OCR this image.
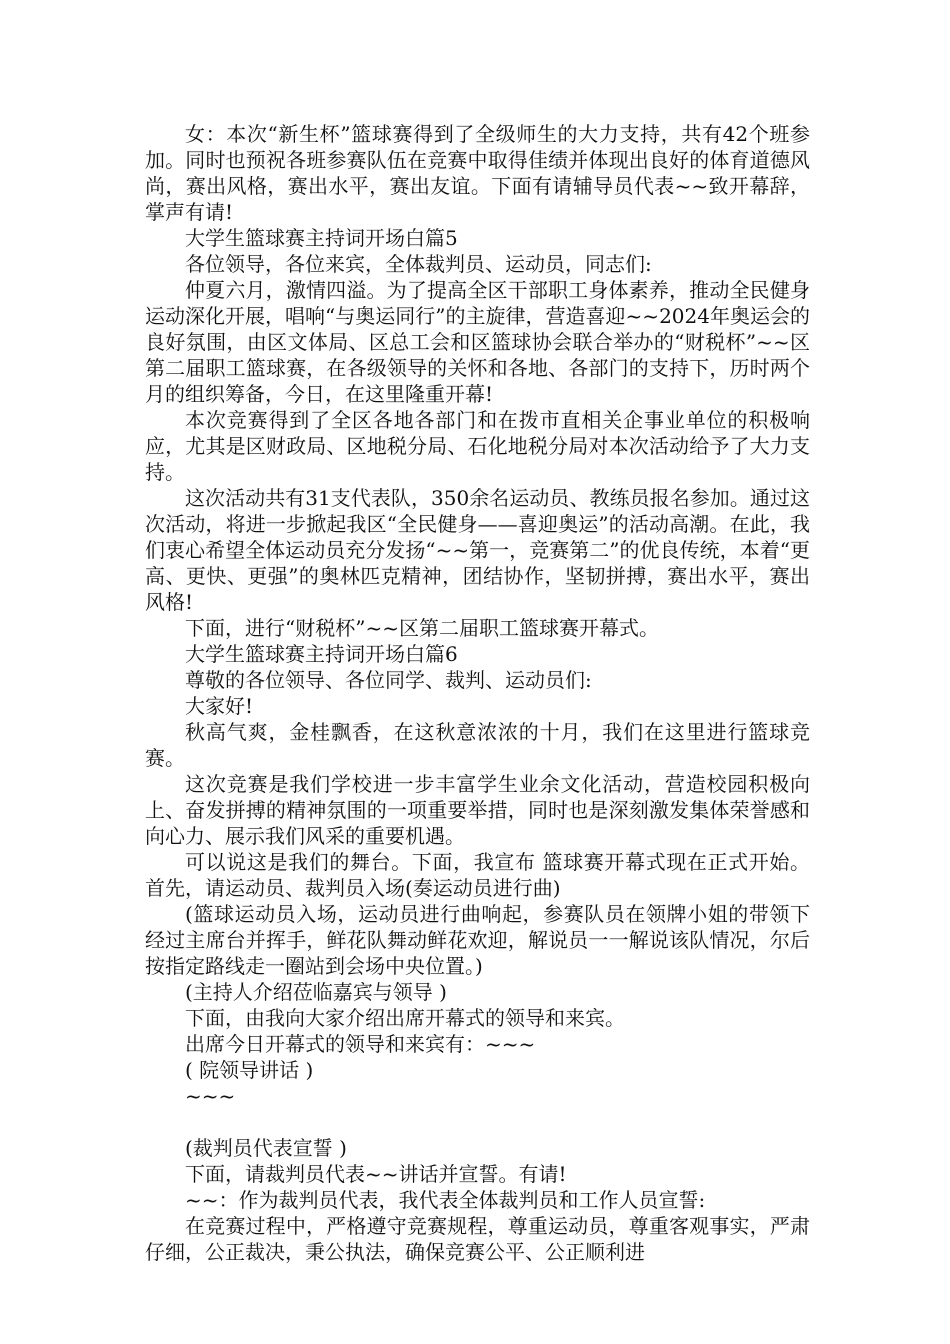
女：本次“新生杯”篮球赛得到了全级师生的大力支持，共有42个班参加。同时也预祝各班参赛队伍在竞赛中取得佳绩并体现出良好的体育道德风尚，赛出风格，赛出水平，赛出友谊。下面有请辅导员代表~~致开幕辞，掌声有请!

大学生篮球赛主持词开场白篇5

各位领导，各位来宾，全体裁判员、运动员，同志们:

仲夏六月，激情四溢。为了提高全区干部职工身体素养，推动全民健身运动深化开展，唱响“与奥运同行”的主旋律，营造喜迎~~2024年奥运会的良好氛围，由区文体局、区总工会和区篮球协会联合举办的“财税杯”~~区第二届职工篮球赛，在各级领导的关怀和各地、各部门的支持下，历时两个月的组织筹备，今日，在这里隆重开幕!

本次竞赛得到了全区各地各部门和在拨市直相关企事业单位的积极响应，尤其是区财政局、区地税分局、石化地税分局对本次活动给予了大力支持。

这次活动共有31支代表队，350余名运动员、教练员报名参加。通过这次活动，将进一步掀起我区“全民健身——喜迎奥运”的活动高潮。在此，我们衷心希望全体运动员充分发扬“~~第一，竞赛第二”的优良传统，本着“更高、更快、更强”的奥林匹克精神，团结协作，坚韧拼搏，赛出水平，赛出风格!

下面，进行“财税杯”~~区第二届职工篮球赛开幕式。

大学生篮球赛主持词开场白篇6

尊敬的各位领导、各位同学、裁判、运动员们:

大家好!

秋高气爽，金桂飘香，在这秋意浓浓的十月，我们在这里进行篮球竞赛。

这次竞赛是我们学校进一步丰富学生业余文化活动，营造校园积极向上、奋发拼搏的精神氛围的一项重要举措，同时也是深刻激发集体荣誉感和向心力、展示我们风采的重要机遇。

可以说这是我们的舞台。下面，我宣布 篮球赛开幕式现在正式开始。首先，请运动员、裁判员入场(奏运动员进行曲)

(篮球运动员入场，运动员进行曲响起，参赛队员在领牌小姐的带领下经过主席台并挥手，鲜花队舞动鲜花欢迎，解说员一一解说该队情况，尔后按指定路线走一圈站到会场中央位置。)

(主持人介绍莅临嘉宾与领导 )

下面，由我向大家介绍出席开幕式的领导和来宾。

出席今日开幕式的领导和来宾有：~~~

( 院领导讲话 )

~~~

(裁判员代表宣誓 )

下面，请裁判员代表~~讲话并宣誓。有请!

~~：作为裁判员代表，我代表全体裁判员和工作人员宣誓:

在竞赛过程中，严格遵守竞赛规程，尊重运动员，尊重客观事实，严肃仔细，公正裁决，秉公执法，确保竞赛公平、公正顺利进
